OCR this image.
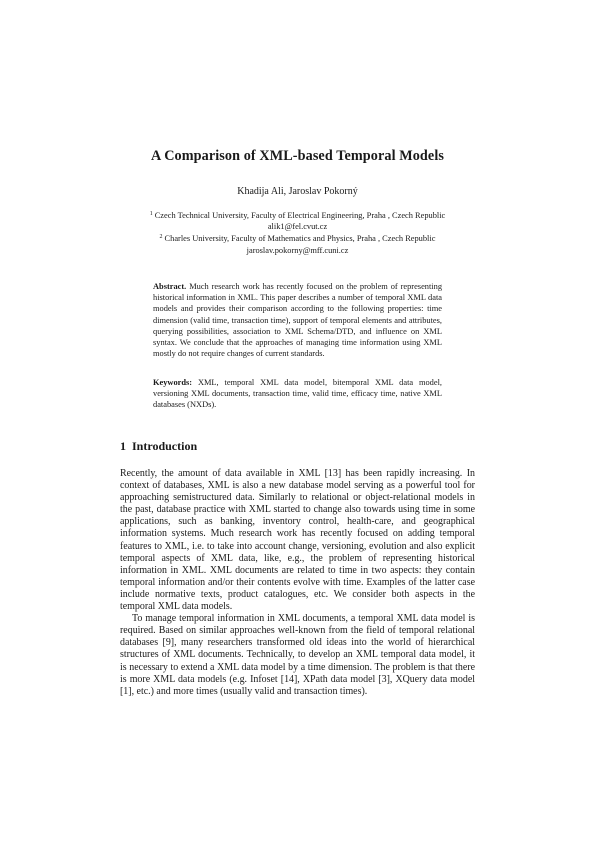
A Comparison of XML-based Temporal Models
Khadija Ali, Jaroslav Pokorný
$^1$ Czech Technical University, Faculty of Electrical Engineering, Praha , Czech Republic
alik1@fel.cvut.cz
$^2$ Charles University, Faculty of Mathematics and Physics, Praha , Czech Republic
jaroslav.pokorny@mff.cuni.cz
Abstract. Much research work has recently focused on the problem of representing historical information in XML. This paper describes a number of temporal XML data models and provides their comparison according to the following properties: time dimension (valid time, transaction time), support of temporal elements and attributes, querying possibilities, association to XML Schema/DTD, and influence on XML syntax. We conclude that the approaches of managing time information using XML mostly do not require changes of current standards.
Keywords: XML, temporal XML data model, bitemporal XML data model, versioning XML documents, transaction time, valid time, efficacy time, native XML databases (NXDs).
1 Introduction

Recently, the amount of data available in XML [13] has been rapidly increasing. In context of databases, XML is also a new database model serving as a powerful tool for approaching semistructured data. Similarly to relational or object-relational models in the past, database practice with XML started to change also towards using time in some applications, such as banking, inventory control, health-care, and geographical information systems. Much research work has recently focused on adding temporal features to XML, i.e. to take into account change, versioning, evolution and also explicit temporal aspects of XML data, like, e.g., the problem of representing historical information in XML. XML documents are related to time in two aspects: they contain temporal information and/or their contents evolve with time. Examples of the latter case include normative texts, product catalogues, etc. We consider both aspects in the temporal XML data models.

To manage temporal information in XML documents, a temporal XML data model is required. Based on similar approaches well-known from the field of temporal relational databases [9], many researchers transformed old ideas into the world of hierarchical structures of XML documents. Technically, to develop an XML temporal data model, it is necessary to extend a XML data model by a time dimension. The problem is that there is more XML data models (e.g. Infoset [14], XPath data model [3], XQuery data model [1], etc.) and more times (usually valid and transaction times).
